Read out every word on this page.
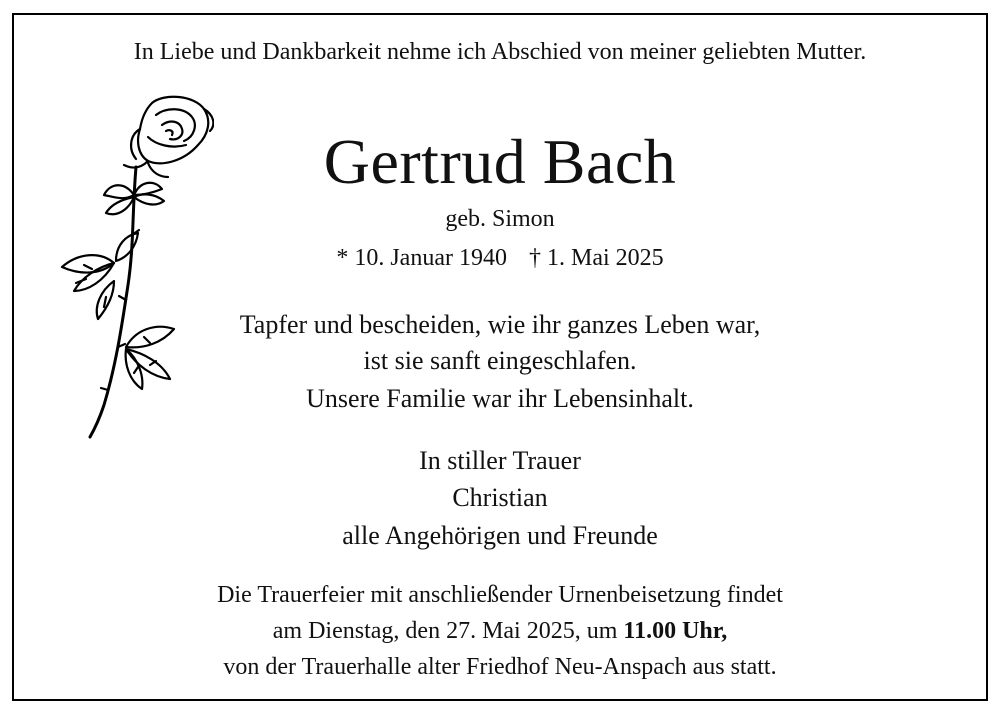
In Liebe und Dankbarkeit nehme ich Abschied von meiner geliebten Mutter.
Gertrud Bach
geb. Simon
* 10. Januar 1940 † 1. Mai 2025
Tapfer und bescheiden, wie ihr ganzes Leben war,
ist sie sanft eingeschlafen.
Unsere Familie war ihr Lebensinhalt.
In stiller Trauer
Christian
alle Angehörigen und Freunde
Die Trauerfeier mit anschließender Urnenbeisetzung findet
am Dienstag, den 27. Mai 2025, um 11.00 Uhr,
von der Trauerhalle alter Friedhof Neu-Anspach aus statt.
